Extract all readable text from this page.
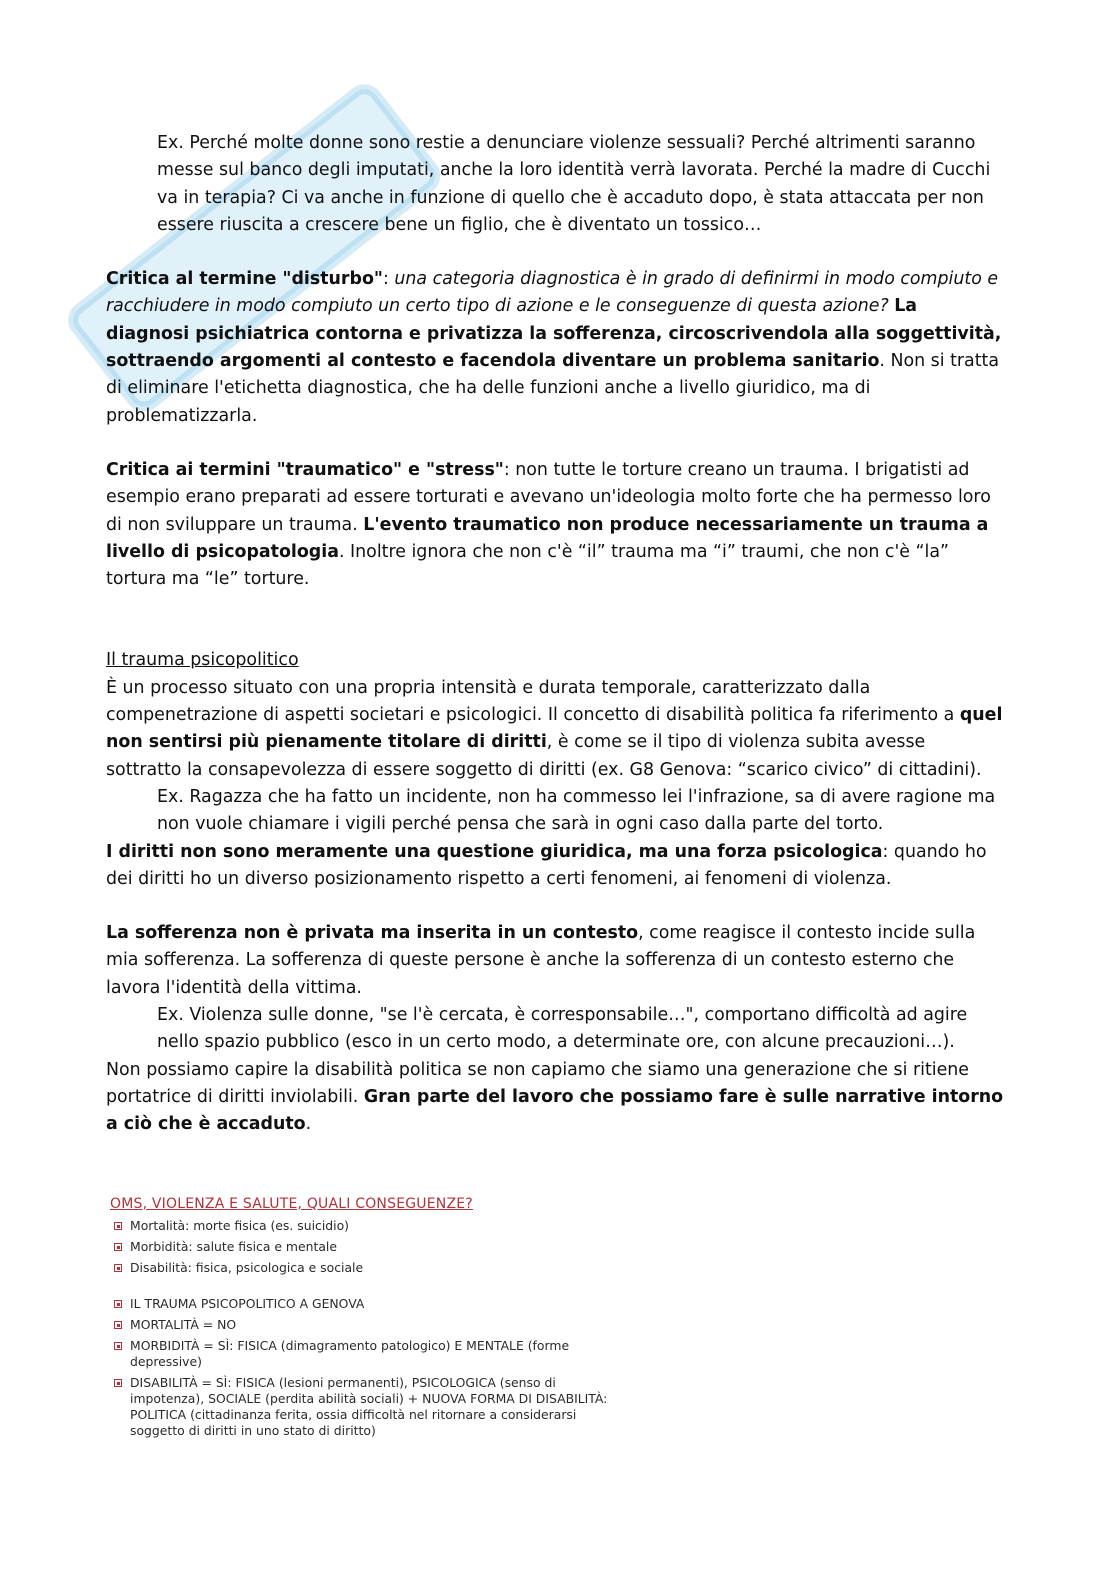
Ex. Perché molte donne sono restie a denunciare violenze sessuali? Perché altrimenti saranno messe sul banco degli imputati, anche la loro identità verrà lavorata. Perché la madre di Cucchi va in terapia? Ci va anche in funzione di quello che è accaduto dopo, è stata attaccata per non essere riuscita a crescere bene un figlio, che è diventato un tossico…

Critica al termine "disturbo": una categoria diagnostica è in grado di definirmi in modo compiuto e racchiudere in modo compiuto un certo tipo di azione e le conseguenze di questa azione? La diagnosi psichiatrica contorna e privatizza la sofferenza, circoscrivendola alla soggettività, sottraendo argomenti al contesto e facendola diventare un problema sanitario. Non si tratta di eliminare l'etichetta diagnostica, che ha delle funzioni anche a livello giuridico, ma di problematizzarla.

Critica ai termini "traumatico" e "stress": non tutte le torture creano un trauma. I brigatisti ad esempio erano preparati ad essere torturati e avevano un'ideologia molto forte che ha permesso loro di non sviluppare un trauma. L'evento traumatico non produce necessariamente un trauma a livello di psicopatologia. Inoltre ignora che non c'è “il” trauma ma “i” traumi, che non c'è “la” tortura ma “le” torture.

Il trauma psicopolitico

È un processo situato con una propria intensità e durata temporale, caratterizzato dalla compenetrazione di aspetti societari e psicologici. Il concetto di disabilità politica fa riferimento a quel non sentirsi più pienamente titolare di diritti, è come se il tipo di violenza subita avesse sottratto la consapevolezza di essere soggetto di diritti (ex. G8 Genova: “scarico civico” di cittadini).

Ex. Ragazza che ha fatto un incidente, non ha commesso lei l'infrazione, sa di avere ragione ma non vuole chiamare i vigili perché pensa che sarà in ogni caso dalla parte del torto.

I diritti non sono meramente una questione giuridica, ma una forza psicologica: quando ho dei diritti ho un diverso posizionamento rispetto a certi fenomeni, ai fenomeni di violenza.

La sofferenza non è privata ma inserita in un contesto, come reagisce il contesto incide sulla mia sofferenza. La sofferenza di queste persone è anche la sofferenza di un contesto esterno che lavora l'identità della vittima.

Ex. Violenza sulle donne, "se l'è cercata, è corresponsabile…", comportano difficoltà ad agire nello spazio pubblico (esco in un certo modo, a determinate ore, con alcune precauzioni…).

Non possiamo capire la disabilità politica se non capiamo che siamo una generazione che si ritiene portatrice di diritti inviolabili. Gran parte del lavoro che possiamo fare è sulle narrative intorno a ciò che è accaduto.

OMS, VIOLENZA E SALUTE, QUALI CONSEGUENZE?

Mortalità: morte fisica (es. suicidio)
Morbidità: salute fisica e mentale
Disabilità: fisica, psicologica e sociale
IL TRAUMA PSICOPOLITICO A GENOVA
MORTALITÀ = NO
MORBIDITÀ = SÌ: FISICA (dimagramento patologico) E MENTALE (forme depressive)
DISABILITÀ = SÌ: FISICA (lesioni permanenti), PSICOLOGICA (senso di impotenza), SOCIALE (perdita abilità sociali) + NUOVA FORMA DI DISABILITÀ: POLITICA (cittadinanza ferita, ossia difficoltà nel ritornare a considerarsi soggetto di diritti in uno stato di diritto)
